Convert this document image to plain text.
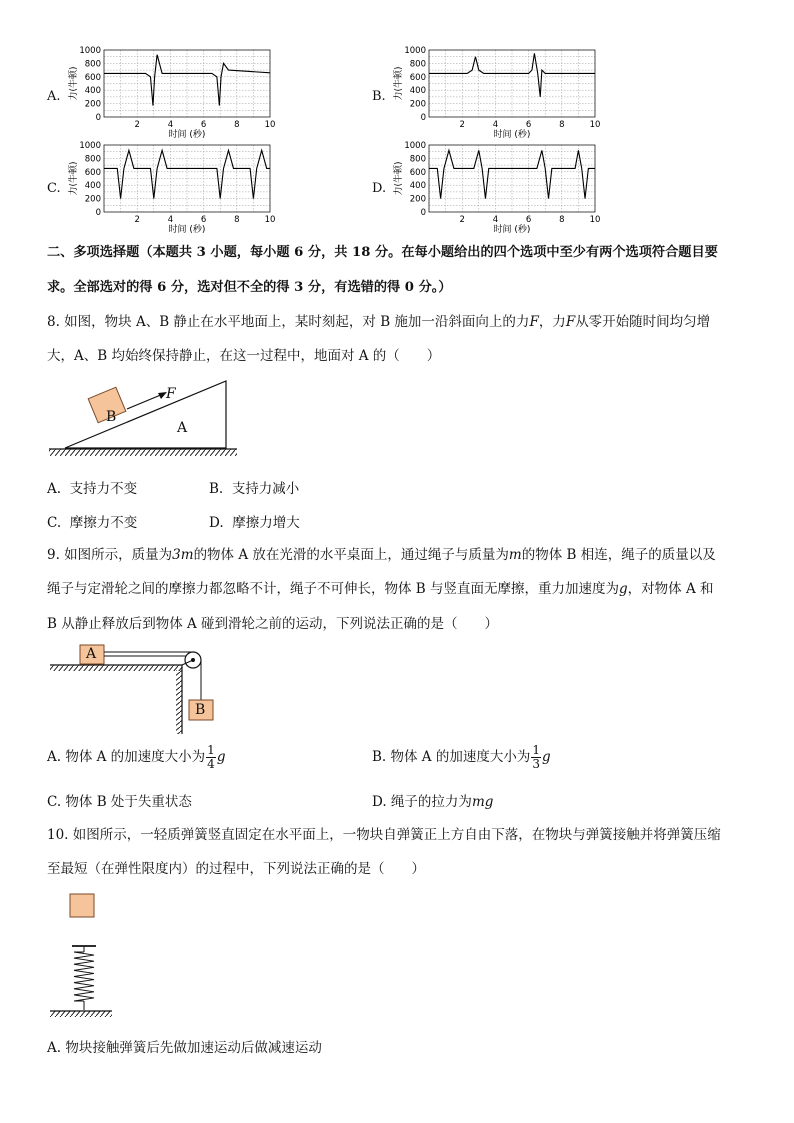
A.	B.
C.	D.
0
200
400
600
800
1000
2	4	6	8	10
时间 (秒)
力(牛顿)
0
200
400
600
800
1000
2	4	6	8	10
时间 (秒)
力(牛顿)
0
200
400
600
800
1000
2	4	6	8	10
时间 (秒)
力(牛顿)
0
200
400
600
800
1000
2	4	6	8	10
时间 (秒)
力(牛顿)
二、多项选择题（本题共 3 小题，每小题 6 分，共 18 分。在每小题给出的四个选项中至少有两个选项符合题目要
求。全部选对的得 6 分，选对但不全的得 3 分，有选错的得 0 分。）
8. 如图，物块 A、B 静止在水平地面上，某时刻起，对 B 施加一沿斜面向上的力F，力F从零开始随时间均匀增
大，A、B 均始终保持静止，在这一过程中，地面对 A 的（　　）
B
F
A
A. 支持力不变	B. 支持力减小
C. 摩擦力不变	D. 摩擦力增大
9. 如图所示，质量为3m的物体 A 放在光滑的水平桌面上，通过绳子与质量为m的物体 B 相连，绳子的质量以及
绳子与定滑轮之间的摩擦力都忽略不计，绳子不可伸长，物体 B 与竖直面无摩擦，重力加速度为g，对物体 A 和
B 从静止释放后到物体 A 碰到滑轮之前的运动，下列说法正确的是（　　）
A
B
A. 物体 A 的加速度大小为 $\frac{1}{4}$ g	B. 物体 A 的加速度大小为 $\frac{1}{3}$ g
C. 物体 B 处于失重状态	D. 绳子的拉力为mg
10. 如图所示，一轻质弹簧竖直固定在水平面上，一物块自弹簧正上方自由下落，在物块与弹簧接触并将弹簧压缩
至最短（在弹性限度内）的过程中，下列说法正确的是（　　）
A. 物块接触弹簧后先做加速运动后做减速运动
